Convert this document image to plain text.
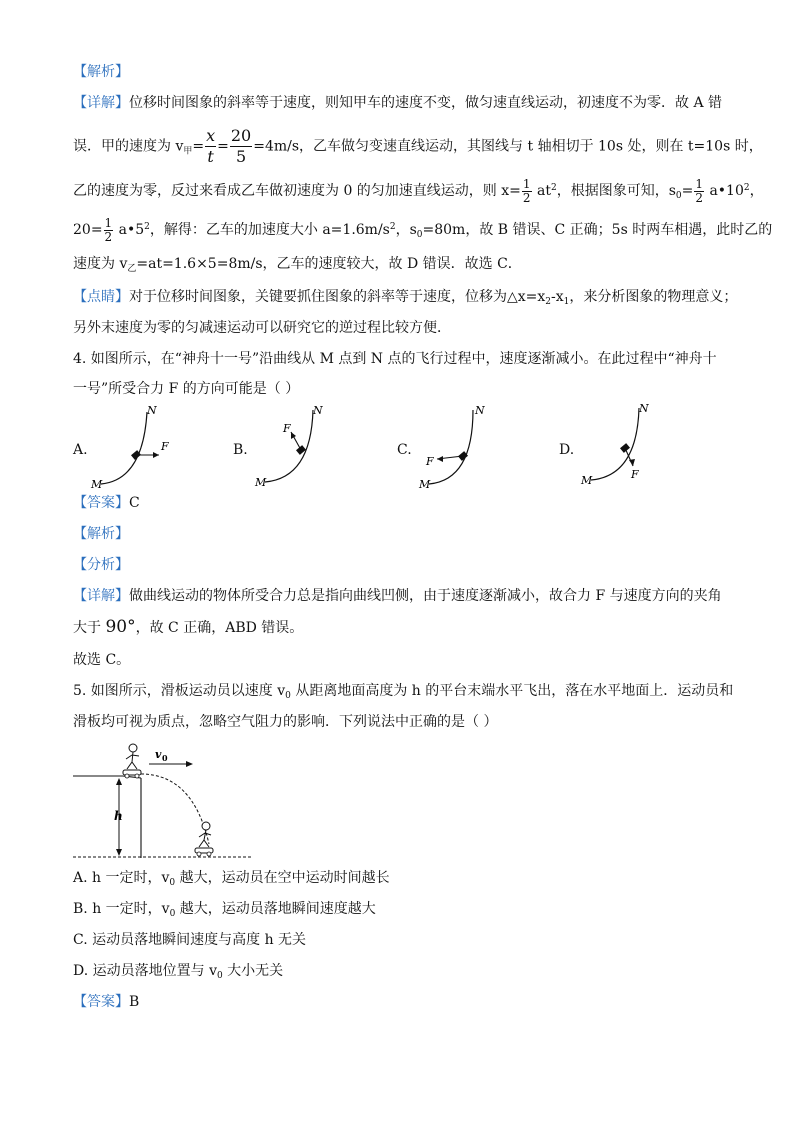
【解析】
【详解】位移时间图象的斜率等于速度，则知甲车的速度不变，做匀速直线运动，初速度不为零．故 A 错
误．甲的速度为 $v_甲= \frac{x}{t} = \frac{20}{5} =4m/s$，乙车做匀变速直线运动，其图线与 t 轴相切于 10s 处，则在 t=10s 时，
乙的速度为零，反过来看成乙车做初速度为 0 的匀加速直线运动，则 $x= \frac{1}{2} at^2$，根据图象可知，$s_0= \frac{1}{2}$ $a•10^2$，
$20= \frac{1}{2}$ $a•5^2$，解得：乙车的加速度大小 $a=1.6m/s^2$，$s_0=80m$，故 B 错误、C 正确；5s 时两车相遇，此时乙的
速度为 $v_乙=at=1.6\times 5=8m/s$，乙车的速度较大，故 D 错误．故选 C．
【点睛】对于位移时间图象，关键要抓住图象的斜率等于速度，位移为$\triangle x=x_2-x_1$，来分析图象的物理意义；
另外末速度为零的匀减速运动可以研究它的逆过程比较方便．
4. 如图所示，在“神舟十一号”沿曲线从 M 点到 N 点的飞行过程中，速度逐渐减小。在此过程中“神舟十
一号”所受合力 F 的方向可能是（ ）
A.	F
N
M
B.
F
N
M
C.
F
N
M
D.
F
N
M
【答案】C
【解析】
【分析】
【详解】做曲线运动的物体所受合力总是指向曲线凹侧，由于速度逐渐减小，故合力 F 与速度方向的夹角
大于 90°，故 C 正确，ABD 错误。
故选 C。
5. 如图所示，滑板运动员以速度 $v_0$ 从距离地面高度为 h 的平台末端水平飞出，落在水平地面上．运动员和
滑板均可视为质点，忽略空气阻力的影响．下列说法中正确的是（ ）
h
v 0
A. h 一定时，$v_0$ 越大，运动员在空中运动时间越长
B. h 一定时，$v_0$ 越大，运动员落地瞬间速度越大
C. 运动员落地瞬间速度与高度 h 无关
D. 运动员落地位置与 $v_0$ 大小无关
【答案】B
